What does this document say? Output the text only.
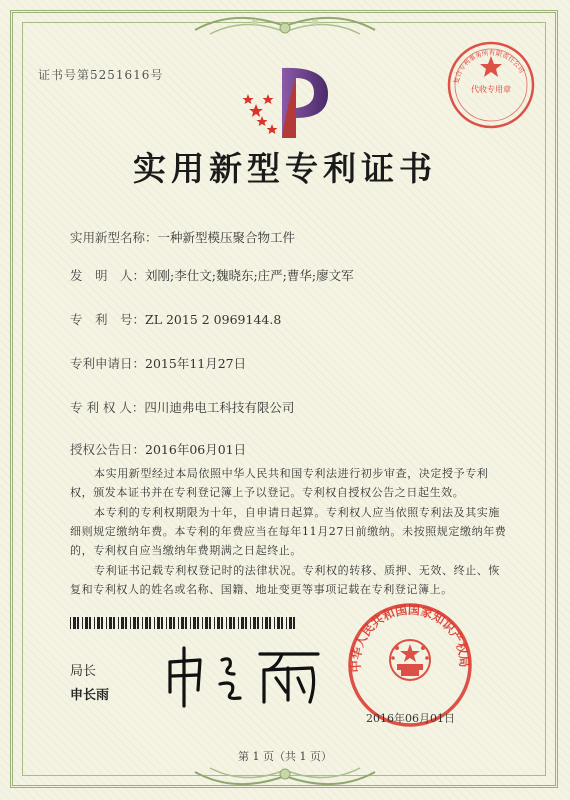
证书号第5251616号
代收专用章
复合专利事务所有限责任公司
实用新型专利证书
实用新型名称：一种新型模压聚合物工件
发　明　人：刘刚;李仕文;魏晓东;庄严;曹华;廖文军
专　利　号：ZL 2015 2 0969144.8
专利申请日：2015年11月27日
专 利 权 人：四川迪弗电工科技有限公司
授权公告日：2016年06月01日
本实用新型经过本局依照中华人民共和国专利法进行初步审查，决定授予专利权，颁发本证书并在专利登记簿上予以登记。专利权自授权公告之日起生效。
本专利的专利权期限为十年，自申请日起算。专利权人应当依照专利法及其实施细则规定缴纳年费。本专利的年费应当在每年11月27日前缴纳。未按照规定缴纳年费的，专利权自应当缴纳年费期满之日起终止。
专利证书记载专利权登记时的法律状况。专利权的转移、质押、无效、终止、恢复和专利权人的姓名或名称、国籍、地址变更等事项记载在专利登记簿上。
局长
申长雨
中华人民共和国国家知识产权局
2016年06月01日
第 1 页（共 1 页）
